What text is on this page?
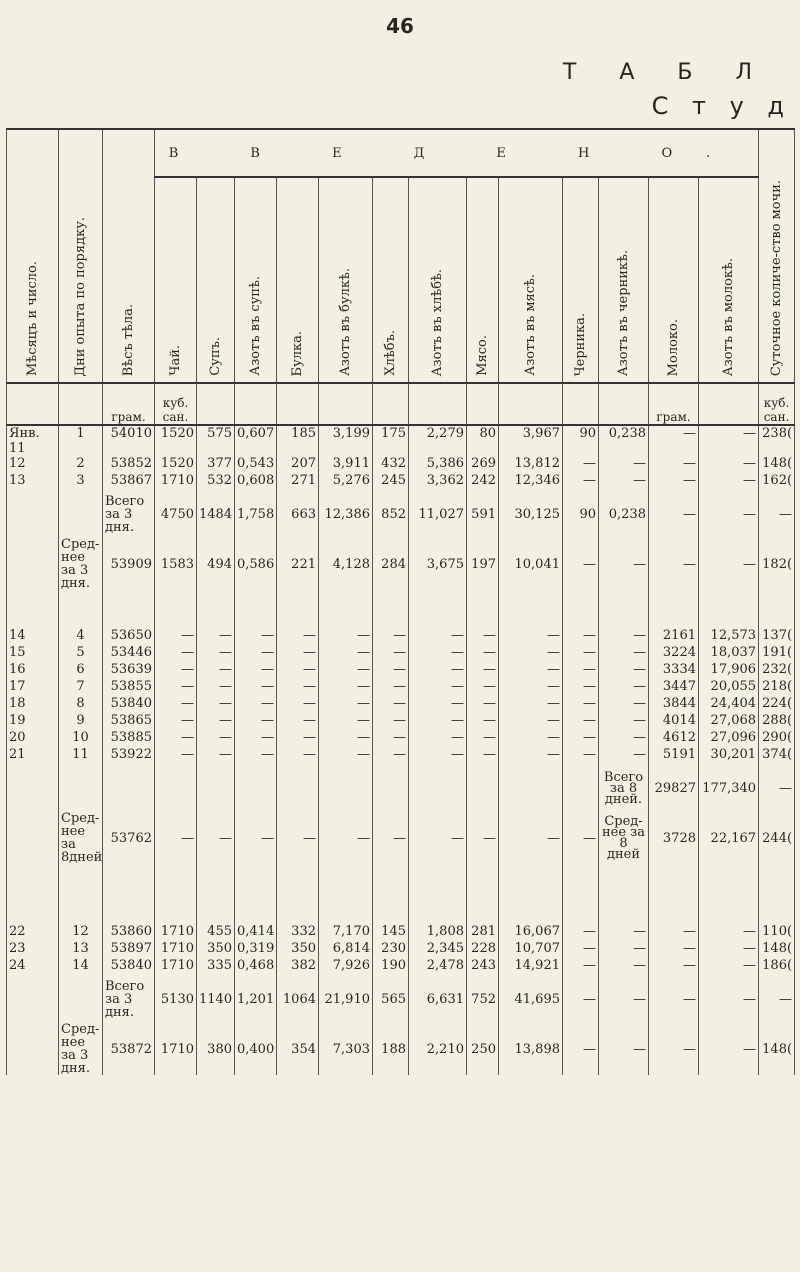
46
Т А Б Л
С т у д
Мѣсяцъ и число.	Дни опыта по порядку.	Вѣсъ тѣла.	В В Е Д Е Н О.													Суточное количе-ство мочи.

			Чай.	Супъ.	Азотъ въ супѣ.	Булка.	Азотъ въ булкѣ.	Хлѣбъ.	Азотъ въ хлѣбѣ.	Мясо.	Азотъ въ мясѣ.	Черника.	Азотъ въ черникѣ.	Молоко.	Азотъ въ молокѣ.	

		грам.	куб. сан.											грам.		куб. сан.
Янв. 11	1	54010	1520	575	0,607	185	3,199	175	2,279	80	3,967	90	0,238	—	—	238(
12	2	53852	1520	377	0,543	207	3,911	432	5,386	269	13,812	—	—	—	—	148(
13	3	53867	1710	532	0,608	271	5,276	245	3,362	242	12,346	—	—	—	—	162(
		Всего за 3 дня.	4750	1484	1,758	663	12,386	852	11,027	591	30,125	90	0,238	—	—	—
	Сред-нее за 3 дня.	53909	1583	494	0,586	221	4,128	284	3,675	197	10,041	—	—	—	—	182(

14	4	53650	—	—	—	—	—	—	—	—	—	—	—	2161	12,573	137(
15	5	53446	—	—	—	—	—	—	—	—	—	—	—	3224	18,037	191(
16	6	53639	—	—	—	—	—	—	—	—	—	—	—	3334	17,906	232(
17	7	53855	—	—	—	—	—	—	—	—	—	—	—	3447	20,055	218(
18	8	53840	—	—	—	—	—	—	—	—	—	—	—	3844	24,404	224(
19	9	53865	—	—	—	—	—	—	—	—	—	—	—	4014	27,068	288(
20	10	53885	—	—	—	—	—	—	—	—	—	—	—	4612	27,096	290(
21	11	53922	—	—	—	—	—	—	—	—	—	—	—	5191	30,201	374(
													Всего за 8 дней.	29827	177,340	—
	Сред-нее за 8дней	53762	—	—	—	—	—	—	—	—	—	—	Сред-нее за 8 дней	3728	22,167	244(

22	12	53860	1710	455	0,414	332	7,170	145	1,808	281	16,067	—	—	—	—	110(
23	13	53897	1710	350	0,319	350	6,814	230	2,345	228	10,707	—	—	—	—	148(
24	14	53840	1710	335	0,468	382	7,926	190	2,478	243	14,921	—	—	—	—	186(
		Всего за 3 дня.	5130	1140	1,201	1064	21,910	565	6,631	752	41,695	—	—	—	—	—
	Сред-нее за 3 дня.	53872	1710	380	0,400	354	7,303	188	2,210	250	13,898	—	—	—	—	148(
